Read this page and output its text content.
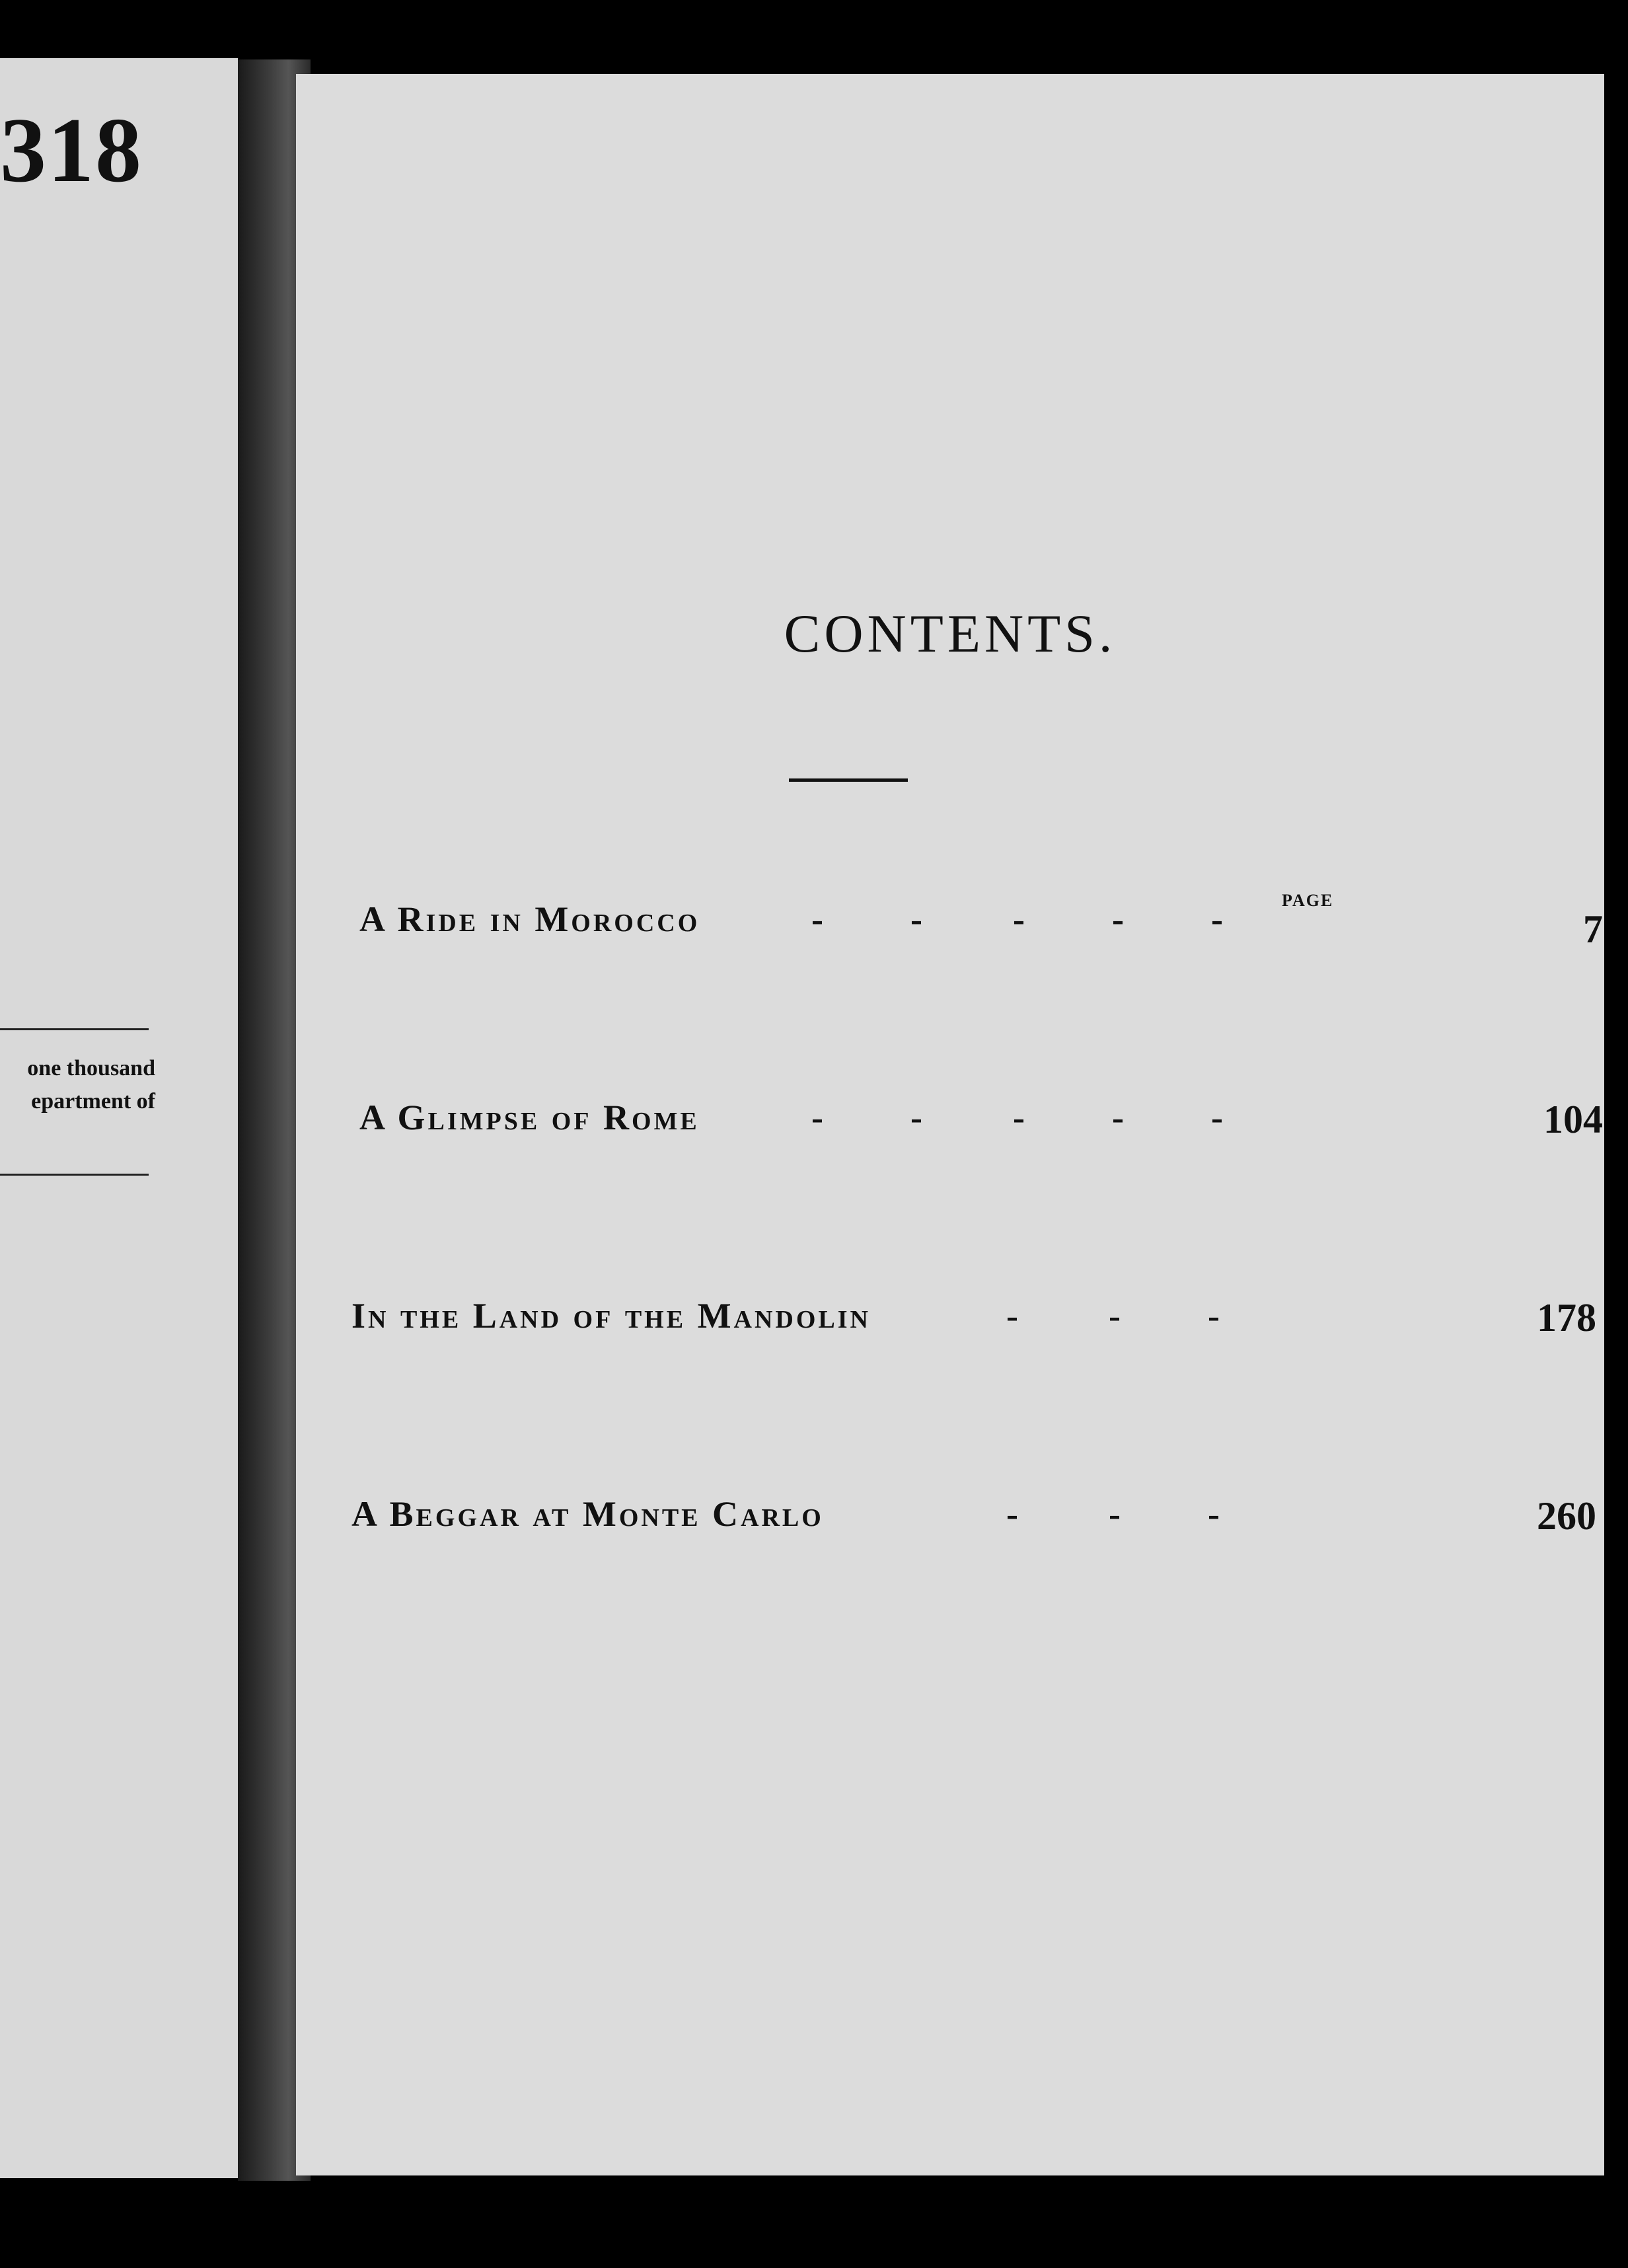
318
one thousand
epartment of
CONTENTS.
PAGE
A Ride in Morocco	- -	- - -	7
A Glimpse of Rome	- -	- - -	104
In the Land of the Mandolin	-	- -	178
A Beggar at Monte Carlo	-	- -	260
